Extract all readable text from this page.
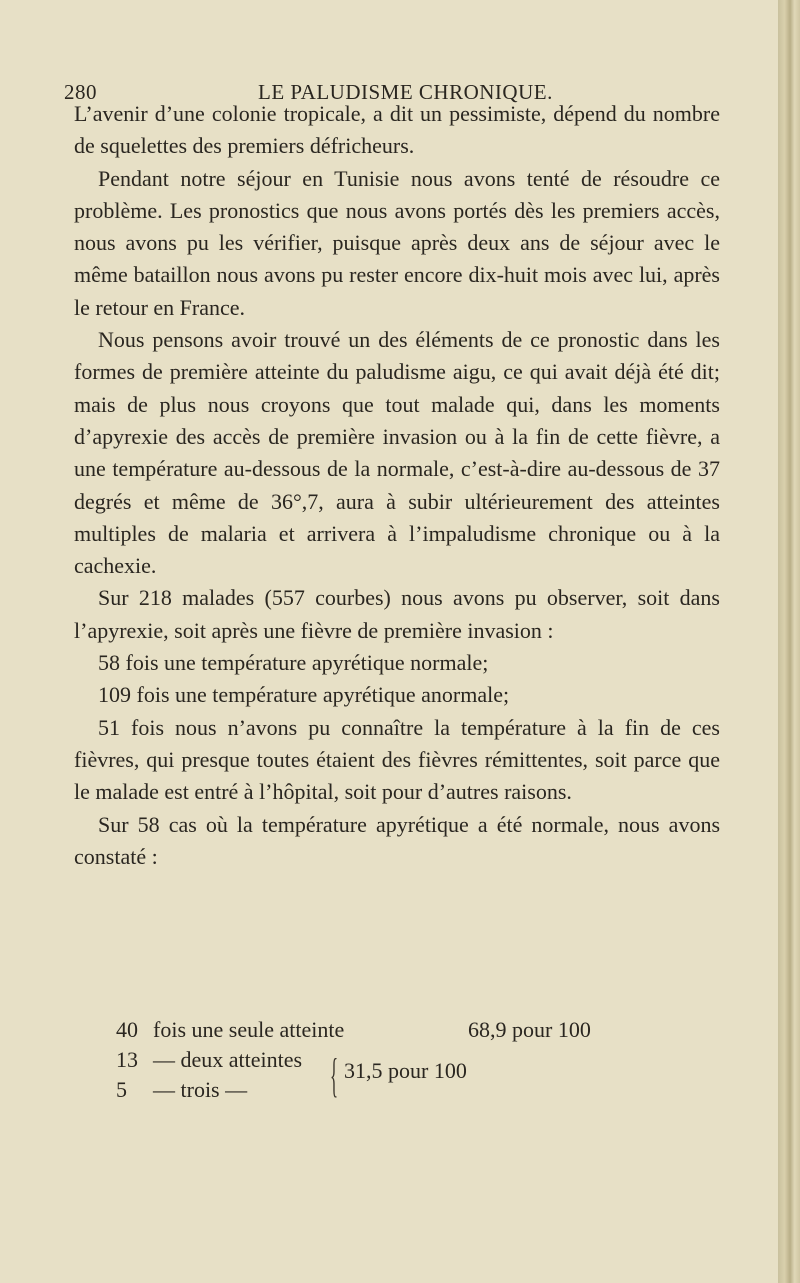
280	LE PALUDISME CHRONIQUE.

L’avenir d’une colonie tropicale, a dit un pessimiste, dépend du nombre de squelettes des premiers défricheurs.

Pendant notre séjour en Tunisie nous avons tenté de résoudre ce problème. Les pronostics que nous avons portés dès les premiers accès, nous avons pu les vérifier, puisque après deux ans de séjour avec le même bataillon nous avons pu rester encore dix-huit mois avec lui, après le retour en France.

Nous pensons avoir trouvé un des éléments de ce pronostic dans les formes de première atteinte du paludisme aigu, ce qui avait déjà été dit; mais de plus nous croyons que tout malade qui, dans les moments d’apyrexie des accès de première invasion ou à la fin de cette fièvre, a une température au-dessous de la normale, c’est-à-dire au-dessous de 37 degrés et même de 36°,7, aura à subir ultérieurement des atteintes multiples de malaria et arrivera à l’impaludisme chronique ou à la cachexie.

Sur 218 malades (557 courbes) nous avons pu observer, soit dans l’apyrexie, soit après une fièvre de première invasion :

58 fois une température apyrétique normale;

109 fois une température apyrétique anormale;

51 fois nous n’avons pu connaître la température à la fin de ces fièvres, qui presque toutes étaient des fièvres rémittentes, soit parce que le malade est entré à l’hôpital, soit pour d’autres raisons.

Sur 58 cas où la température apyrétique a été normale, nous avons constaté :

40 fois une seule atteinte	68,9 pour 100
13 — deux atteintes
5 — trois — { 31,5 pour 100
